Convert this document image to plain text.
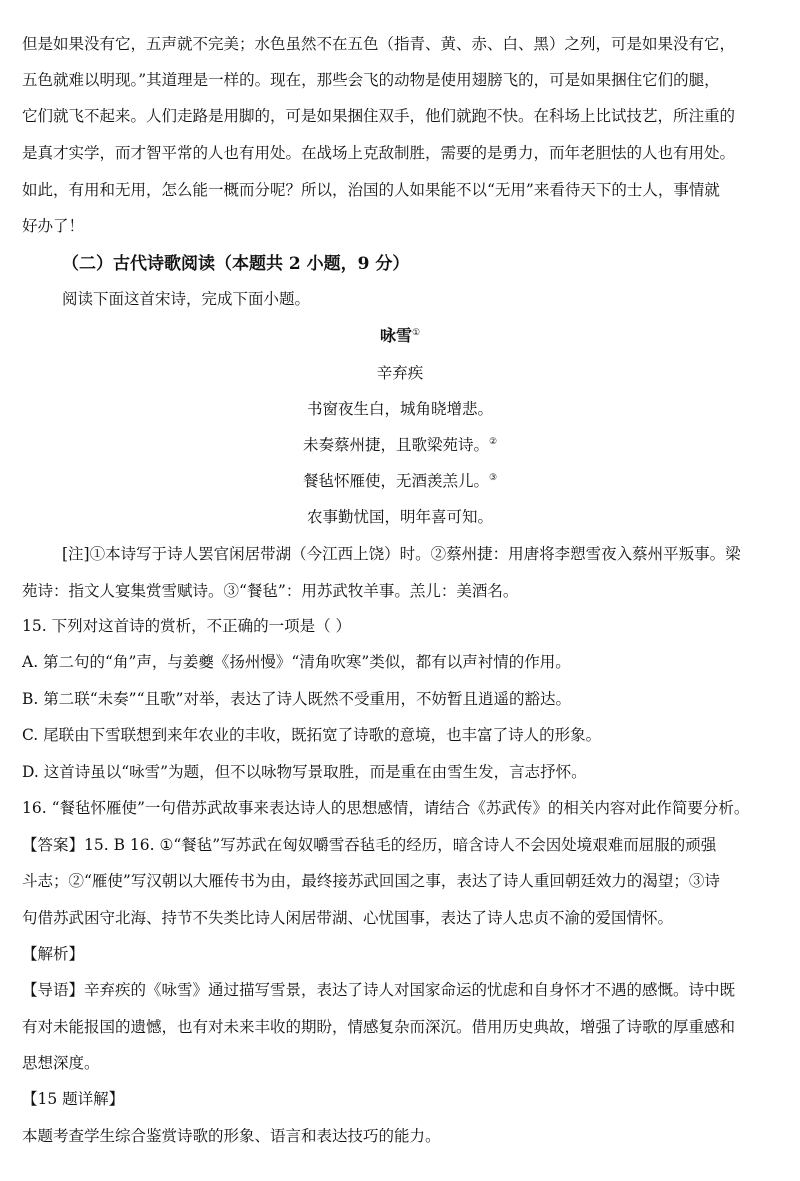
但是如果没有它，五声就不完美；水色虽然不在五色（指青、黄、赤、白、黑）之列，可是如果没有它，
五色就难以明现。”其道理是一样的。现在，那些会飞的动物是使用翅膀飞的，可是如果捆住它们的腿，
它们就飞不起来。人们走路是用脚的，可是如果捆住双手，他们就跑不快。在科场上比试技艺，所注重的
是真才实学，而才智平常的人也有用处。在战场上克敌制胜，需要的是勇力，而年老胆怯的人也有用处。
如此，有用和无用，怎么能一概而分呢？所以，治国的人如果能不以“无用”来看待天下的士人，事情就
好办了！
（二）古代诗歌阅读（本题共 2 小题，9 分）
阅读下面这首宋诗，完成下面小题。
咏雪①
辛弃疾
书窗夜生白，城角晓增悲。
未奏蔡州捷，且歌梁苑诗。②
餐毡怀雁使，无酒羡羔儿。③
农事勤忧国，明年喜可知。
[注]①本诗写于诗人罢官闲居带湖（今江西上饶）时。②蔡州捷：用唐将李愬雪夜入蔡州平叛事。梁
苑诗：指文人宴集赏雪赋诗。③“餐毡”：用苏武牧羊事。羔儿：美酒名。
15. 下列对这首诗的赏析，不正确的一项是（ ）
A. 第二句的“角”声，与姜夔《扬州慢》“清角吹寒”类似，都有以声衬情的作用。
B. 第二联“未奏”“且歌”对举，表达了诗人既然不受重用，不妨暂且逍遥的豁达。
C. 尾联由下雪联想到来年农业的丰收，既拓宽了诗歌的意境，也丰富了诗人的形象。
D. 这首诗虽以“咏雪”为题，但不以咏物写景取胜，而是重在由雪生发，言志抒怀。
16. “餐毡怀雁使”一句借苏武故事来表达诗人的思想感情，请结合《苏武传》的相关内容对此作简要分析。
【答案】15. B 16. ①“餐毡”写苏武在匈奴嚼雪吞毡毛的经历，暗含诗人不会因处境艰难而屈服的顽强
斗志；②“雁使”写汉朝以大雁传书为由，最终接苏武回国之事，表达了诗人重回朝廷效力的渴望；③诗
句借苏武困守北海、持节不失类比诗人闲居带湖、心忧国事，表达了诗人忠贞不渝的爱国情怀。
【解析】
【导语】辛弃疾的《咏雪》通过描写雪景，表达了诗人对国家命运的忧虑和自身怀才不遇的感慨。诗中既
有对未能报国的遗憾，也有对未来丰收的期盼，情感复杂而深沉。借用历史典故，增强了诗歌的厚重感和
思想深度。
【15 题详解】
本题考查学生综合鉴赏诗歌的形象、语言和表达技巧的能力。
